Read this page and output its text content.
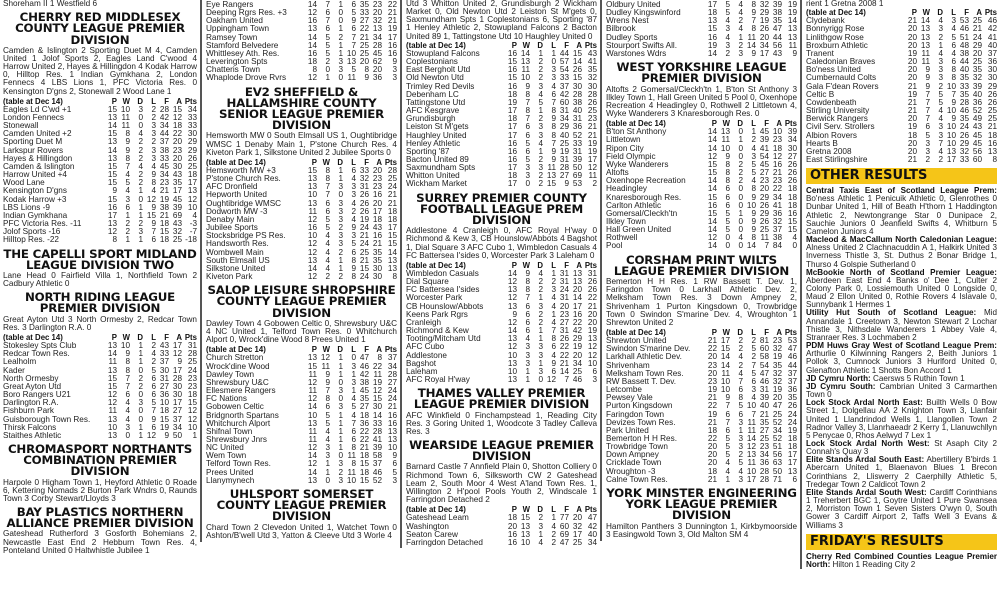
Shoreham II 1 Westfield 6
CHERRY RED MIDDLESEX COUNTY LEAGUE PREMIER DIVISION
Camden & Islington 2 Sporting Duet M 4, Camden United 1 Jolof Sports 2, Eagles Land C'wood 4 Harrow United 2, Hayes & Hillingdon 4 Kodak Harrow 0, Hilltop Res. 1 Indian Gymkhana 2, London Fennecs 4 LBS Lions 1, PFC Victoria Res. 0 Kensington D'gns 2, Stonewall 2 Wood Lane 1
(table at Dec 14)	P	W	D	L	F	A	Pts
Eagles Ld C'wd +1	15	10	3	2	28	15	34
London Fennecs	13	11	0	2	42	12	33
Stonewall	14	11	0	3	34	18	33
Camden United +2	15	8	4	3	44	22	30
Sporting Duet M	13	9	2	2	37	20	29
Larkspur Rovers	14	9	2	3	38	23	29
Hayes & Hillingdon	13	8	2	3	33	20	26
Camden & Islington	15	7	4	4	45	30	25
Harrow United +4	15	4	2	9	34	43	18
Wood Lane	15	5	2	8	23	35	17
Kensington D'gns	9	4	1	4	21	17	13
Kodak Harrow +3	15	3	0	12	19	45	12
LBS Lions -9	16	6	1	9	38	39	10
Indian Gymkhana	17	1	1	15	21	69	4
PFC Victoria Res. -11	13	2	2	9	18	43	-3
Jolof Sports -16	12	2	3	7	15	32	-7
Hilltop Res. -22	8	1	1	6	18	25	-18
THE CAPELLI SPORT MIDLAND LEAGUE DIVISION TWO
Lane Head 0 Fairfield Villa 1, Northfield Town 2 Cadbury Athletic 0
NORTH RIDING LEAGUE PREMIER DIVISION
Great Ayton Utd 3 North Ormesby 2, Redcar Town Res. 3 Darlington R.A. 0
(table at Dec 14)	P	W	D	L	F	A	Pts
Stokesley Spts Club	13	10	1	2	43	17	31
Redcar Town Res.	14	9	1	4	33	12	28
Lealholm	11	8	1	2	37	9	25
Kader	13	8	0	5	30	17	24
North Ormesby	15	7	2	6	31	28	23
Great Ayton Utd	15	7	2	6	27	30	23
Boro Rangers U21	12	6	0	6	36	30	18
Darlington R.A.	12	4	3	5	10	17	15
Fishburn Park	11	4	0	7	18	27	12
Guisborough Town Res.	13	4	0	9	15	37	12
Thirsk Falcons	10	3	1	6	19	34	10
Staithes Athletic	13	0	1	12	9	50	1
CHROMASPORT NORTHANTS COMBINATION PREMIER DIVISION
Harpole 0 Higham Town 1, Heyford Athletic 0 Roade 6, Kettering Nomads 2 Burton Park Wndrs 0, Raunds Town 3 Corby Stewart/Lloyds 3
BAY PLASTICS NORTHERN ALLIANCE PREMIER DIVISION
Gateshead Rutherford 3 Gosforth Bohemians 2, Newcastle East End 2 Hebburn Town Res. 4, Ponteland United 0 Haltwhistle Jubilee 1
Eye Rangers	14	7	1	6	35	23	22
Deeping Rgrs Res. +3	12	6	0	5	33	20	21
Oakham United	16	7	0	9	27	32	21
Uppingham Town	13	6	1	6	22	13	19
Ramsey Town	14	5	2	7	21	34	17
Stamford Belvedere	14	5	1	7	25	28	16
Whittlesey Ath. Res.	16	5	1	10	25	45	16
Leverington Spts	18	2	3	13	20	62	9
Chatteris Town	8	0	3	5	8	20	3
Whaplode Drove Rvrs	12	1	0	11	9	36	3
EV2 SHEFFIELD & HALLAMSHIRE COUNTY SENIOR LEAGUE PREMIER DIVISION
Hemsworth MW 0 South Elmsall US 1, Oughtibridge WMSC 1 Denaby Main 1, P'stone Church Res. 4 Kiveton Park 1, Silkstone United 2 Jubilee Sports 0
(table at Dec 14)	P	W	D	L	F	A	Pts
Hemsworth MW +3	15	8	1	6	33	20	28
P'stone Church Res.	13	8	1	4	32	23	25
AFC Dronfield	13	7	3	3	31	23	24
Hepworth United	10	7	0	3	26	16	21
Oughtibridge WMSC	13	6	3	4	26	20	21
Dodworth MW -3	11	6	3	2	26	17	18
Denaby Main	12	5	3	4	19	18	18
Jubilee Sports	16	5	2	9	24	43	17
Stocksbridge PS Res.	10	4	3	3	21	16	15
Handsworth Res.	12	4	3	5	24	21	15
Wombwell Main	12	4	2	6	25	35	14
South Elmsall US	13	4	1	8	21	35	13
Silkstone United	14	4	1	9	15	30	13
Kiveton Park	12	2	2	8	24	30	8
SALOP LEISURE SHROPSHIRE COUNTY LEAGUE PREMIER DIVISION
Dawley Town 4 Gobowen Celtic 0, Shrewsbury U&C 4 NC United 1, Telford Town Res. 0 Whitchurch Alport 0, Wrock'dine Wood 8 Prees United 1
(table at Dec 14)	P	W	D	L	F	A	Pts
Church Stretton	13	12	1	0	47	8	37
Wrock'dine Wood	15	11	1	3	46	22	34
Dawley Town	11	9	1	1	42	11	28
Shrewsbury U&C	12	9	0	3	38	19	27
Ellesmere Rangers	11	7	3	1	45	12	24
FC Nations	12	8	0	4	35	15	24
Gobowen Celtic	14	6	3	5	27	30	21
Bridgnorth Spartans	10	5	1	4	18	14	16
Whitchurch Alport	13	5	1	7	36	33	16
Shifnal Town	11	4	1	6	22	28	13
Shrewsbury Jnrs	11	4	1	6	22	41	13
NC United	12	3	1	8	21	39	10
Wem Town	14	3	0	11	18	58	9
Telford Town Res.	12	1	3	8	15	37	6
Prees United	14	1	2	11	18	46	5
Llanymynech	13	0	3	10	15	52	3
UHLSPORT SOMERSET COUNTY LEAGUE PREMIER DIVISION
Chard Town 2 Clevedon United 1, Watchet Town 0 Ashton/B'well Utd 3, Yatton & Cleeve Utd 3 Worle 4
Utd 3 Whitton United 2, Grundisburgh 2 Wickham Market 0, Old Newton Utd 2 Leiston St M'gets 0, Saxmundham Spts 1 Coplestonians 6, Sporting '87 1 Henley Athletic 2, Stowupland Falcons 2 Bacton United 89 1, Tattingstone Utd 10 Haughley United 0
(table at Dec 14)	P	W	D	L	F	A	Pts
Stowupland Falcons	16	14	1	1	44	15	43
Coplestonians	15	13	2	0	57	14	41
East Bergholt Utd	16	11	2	3	54	26	35
Old Newton Utd	15	10	2	3	33	15	32
Trimley Red Devils	16	9	3	4	37	30	30
Debenham LC	18	8	4	6	42	28	28
Tattingstone Utd	19	7	5	7	60	38	26
AFC Kesgrave	17	8	1	8	31	40	25
Grundisburgh	18	7	2	9	34	31	23
Leiston St M'gets	17	6	3	8	29	36	21
Haughley United	17	6	3	8	40	52	21
Henley Athletic	16	5	4	7	25	33	19
Sporting '87	16	6	1	9	19	31	19
Bacton United 89	16	5	2	9	31	39	17
Saxmundham Spts	17	3	3	11	28	50	12
Whitton United	18	3	2	13	27	69	11
Wickham Market	17	0	2	15	9	53	2
SURREY PREMIER COUNTY FOOTBALL LEAGUE PREM DIVISION
Addlestone 4 Cranleigh 0, AFC Royal H'way 0 Richmond & Kew 3, CB Hounslow/Abbots 4 Bagshot 1, Dial Square 3 AFC Cubo 1, Wimbledon Casuals 4 FC Battersea I'sides 0, Worcester Park 3 Laleham 0
(table at Dec 14)	P	W	D	L	F	A	Pts
Wimbledon Casuals	14	9	4	1	31	13	31
Dial Square	12	8	2	2	31	13	26
FC Battersea I'sides	13	8	2	3	24	20	26
Worcester Park	12	7	1	4	31	14	22
CB Hounslow/Abbots	13	6	3	4	20	17	21
Keens Park Rgrs	9	6	2	1	23	16	20
Cranleigh	12	6	2	4	27	22	20
Richmond & Kew	14	6	1	7	31	42	19
Tooting/Mitcham Utd	13	4	1	8	26	29	13
AFC Cubo	12	3	3	6	22	19	12
Addlestone	10	3	3	4	22	20	12
Bagshot	13	3	1	9	21	34	10
Laleham	10	1	3	6	14	25	6
AFC Royal H'way	13	1	0	12	7	46	3
THAMES VALLEY PREMIER LEAGUE PREMIER DIVISION
AFC Winkfield 0 Finchampstead 1, Reading City Res. 3 Goring United 1, Woodcote 3 Tadley Calleva Res. 3
WEARSIDE LEAGUE PREMIER DIVISION
Barnard Castle 7 Annfield Plain 0, Shotton Colliery 0 Richmond Town 6, Silksworth CW 2 Gateshead Leam 2, South Moor 4 West A'land Town Res. 1, Willington 2 H'pool Pools Youth 2, Windscale 1 Farringdon Detached 2
(table at Dec 14)	P	W	D	L	F	A	Pts
Gateshead Leam	18	15	2	1	77	20	47
Washington	20	13	3	4	60	32	42
Seaton Carew	16	13	1	2	69	17	40
Farringdon Detached	16	10	4	2	47	25	34
Oldbury United	17	5	4	8	32	39	19
Dudley Kingswinford	18	5	4	9	29	38	19
Wrens Nest	13	4	2	7	19	35	14
Bilbrook	15	3	4	8	26	47	13
Dudley Sports	16	4	1	11	20	44	13
Stourport Swifts All.	19	3	2	14	34	56	11
Warstones Wdrs	14	2	3	9	17	43	9
WEST YORKSHIRE LEAGUE PREMIER DIVISION
Altofts 2 Gomersal/Cleckh'tn 1, B'ton St Anthony 3 Ilkley Town 1, Hall Green United 5 Pool 0, Oxenhope Recreation 4 Headingley 0, Rothwell 2 Littletown 4, Wyke Wanderers 3 Knaresborough Res. 0
(table at Dec 14)	P	W	D	L	F	A	Pts
B'ton St Anthony	14	13	0	1	45	10	39
Littletown	14	11	1	2	39	23	34
Ripon City	14	10	0	4	41	18	30
Field Olympic	12	9	0	3	54	12	27
Wyke Wanderers	15	8	2	5	45	16	26
Altofts	15	8	2	5	27	21	26
Oxenhope Recreation	14	8	2	4	23	23	26
Headingley	14	6	0	8	20	22	18
Knaresborough Res.	15	6	0	9	29	34	18
Carlton Athletic	16	6	0	10	26	41	18
Gomersal/Cleckh'tn	15	5	1	9	29	36	16
Ilkley Town	14	5	0	9	26	32	15
Hall Green United	14	5	0	9	25	37	15
Rothwell	12	0	4	8	11	38	4
Pool	14	0	0	14	7	84	0
CORSHAM PRINT WILTS LEAGUE PREMIER DIVISION
Bemerton H H Res. 1 RW Bassett T. Dev. 1, Faringdon Town 0 Larkhall Athletic Dev. 2, Melksham Town Res. 3 Down Ampney 2, Shrivenham 1 Purton Kingsdown 0, Trowbridge Town 0 Swindon S'marine Dev. 4, Wroughton 1 Shrewton United 2
(table at Dec 14)	P	W	D	L	F	A	Pts
Shrewton United	21	17	2	2	81	23	53
Swindon S'marine Dev.	22	15	2	5	60	32	47
Larkhall Athletic Dev.	20	14	4	2	58	19	46
Shrivenham	23	14	2	7	54	35	44
Melksham Town Res.	20	11	4	5	47	32	37
RW Bassett T. Dev.	23	10	7	6	46	32	37
Letcombe	19	10	6	3	31	19	36
Pewsey Vale	21	9	8	4	39	20	35
Purton Kingsdown	22	7	5	10	40	47	26
Faringdon Town	19	6	6	7	21	25	24
Devizes Town Res.	21	7	3	11	35	52	24
Park United	18	6	1	11	27	34	19
Bemerton H H Res.	22	5	3	14	25	52	18
Trowbridge Town	20	5	3	12	23	51	18
Down Ampney	20	5	2	13	34	56	17
Cricklade Town	20	4	5	11	36	63	17
Wroughton -3	18	4	4	10	28	50	13
Calne Town Res.	21	1	3	17	28	71	6
YORK MINSTER ENGINEERING YORK LEAGUE PREMIER DIVISION
Hamilton Panthers 3 Dunnington 1, Kirkbymoorside 3 Easingwold Town 3, Old Malton SM 4
rient 1 Gretna 2008 1
(table at Dec 14)	P	W	D	L	F	A	Pts
Clydebank	21	14	4	3	53	25	46
Bonnyrigg Rose	20	13	3	4	46	21	42
Linlithgow Rose	20	13	2	5	51	24	41
Broxburn Athletic	20	13	1	6	48	29	40
Tranent	19	11	4	4	38	20	37
Caledonian Braves	20	11	3	6	44	25	36
Bo'ness United	20	9	3	8	40	35	30
Cumbernauld Colts	20	9	3	8	35	32	30
Gala F'dean Rovers	21	9	2	10	33	39	29
Celtic B	19	7	5	7	35	40	26
Cowdenbeath	21	7	5	9	28	36	26
Stirling University	21	7	4	10	46	52	25
Berwick Rangers	20	7	4	9	35	49	25
Civil Serv. Strollers	19	6	3	10	24	43	21
Albion Rovers	18	5	3	10	26	45	18
Hearts B	20	3	7	10	29	45	16
Gretna 2008	20	3	4	13	32	56	13
East Stirlingshire	21	2	2	17	33	60	8
OTHER RESULTS

Central Taxis East of Scotland League Prem: Bo'ness Athletic 1 Penicuik Athletic 0, Glenrothes 0 Dunbar United 1, Hill of Beath H'thorn 1 Haddington Athletic 2, Newtongrange Star 0 Dunipace 2, Sauchie Juniors 0 Jeanfield Swifts 4, Whitburn 5 Camelon Juniors 4

Macleod & MacCallum North Caledonian League: Alness United 2 Clachnacuddin A 1, Halkirk United 3 Inverness Thistle 3, St. Duthus 2 Bonar Bridge 1, Thurso 4 Golspie Sutherland 0

McBookie North of Scotland Premier League: Aberdeen East End 4 Banks o' Dee 1, Culter 2 Colony Park 0, Lossiemouth United 0 Longside 0, Maud 2 Ellon United 0, Rothie Rovers 4 Islavale 0, Sunnybank 1 Hermes 1

Utility Hut South of Scotland League: Mid Annandale 1 Creetown 3, Newton Stewart 2 Lochar Thistle 3, Nithsdale Wanderers 1 Abbey Vale 4, Stranraer Res. 3 Lochmaben 2

PDM Huws Gray West of Scotland League Prem: Arthurlie 0 Kilwinning Rangers 2, Beith Juniors 1 Pollok 3, Cumnock Juniors 3 Hurlford United 0, Glenafton Athletic 1 Shotts Bon Accord 1

JD Cymru North: Caersws 5 Ruthin Town 1

JD Cymru South: Cambrian United 3 Carmarthen Town 0

Lock Stock Ardal North East: Builth Wells 0 Bow Street 1, Dolgellau AA 2 Knighton Town 3, Llanfair United 1 Llandrindod Wells 1, Llangollen Town 2 Radnor Valley 3, Llanrhaeadr 2 Kerry 1, Llanuwchllyn 5 Penycae 0, Rhos Aelwyd 7 Lex 1

Lock Stock Ardal North West: St Asaph City 2 Connah's Quay 3

Elite Stands Ardal South East: Abertillery B'birds 1 Abercarn United 1, Blaenavon Blues 1 Brecon Corinthians 2, Lliswerry 2 Caerphilly Athletic 5, Tredegar Town 2 Caldicot Town 2

Elite Stands Ardal South West: Cardiff Corinthians 1 Treherbert BGC 1, Goytre United 1 Pure Swansea 2, Morriston Town 1 Seven Sisters O'wyn 0, South Gower 3 Cardiff Airport 2, Taffs Well 3 Evans & Williams 3

FRIDAY'S RESULTS

Cherry Red Combined Counties League Premier North: Hilton 1 Reading City 2
